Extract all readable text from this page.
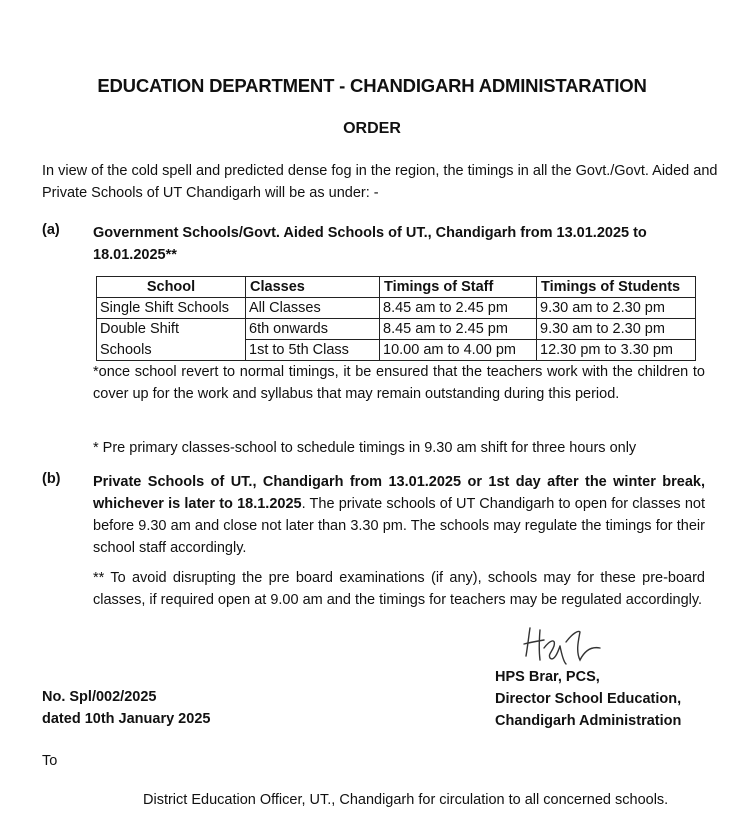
EDUCATION DEPARTMENT - CHANDIGARH ADMINISTARATION
ORDER
In view of the cold spell and predicted dense fog in the region, the timings in all the Govt./Govt. Aided and Private Schools of UT Chandigarh will be as under: -
(a) Government Schools/Govt. Aided Schools of UT., Chandigarh from 13.01.2025 to
18.01.2025**
School	Classes	Timings of Staff	Timings of Students
Single Shift Schools	All Classes	8.45 am to 2.45 pm	9.30 am to 2.30 pm
Double Shift	6th onwards	8.45 am to 2.45 pm	9.30 am to 2.30 pm
Schools	1st to 5th Class	10.00 am to 4.00 pm	12.30 pm to 3.30 pm
*once school revert to normal timings, it be ensured that the teachers work with the children to cover up for the work and syllabus that may remain outstanding during this period.
* Pre primary classes-school to schedule timings in 9.30 am shift for three hours only
(b) Private Schools of UT., Chandigarh from 13.01.2025 or 1st day after the winter break, whichever is later to 18.1.2025. The private schools of UT Chandigarh to open for classes not before 9.30 am and close not later than 3.30 pm. The schools may regulate the timings for their school staff accordingly.
** To avoid disrupting the pre board examinations (if any), schools may for these pre-board classes, if required open at 9.00 am and the timings for teachers may be regulated accordingly.
HPS Brar, PCS,
Director School Education,
Chandigarh Administration
No. Spl/002/2025
dated 10th January 2025
To
District Education Officer, UT., Chandigarh for circulation to all concerned schools.
